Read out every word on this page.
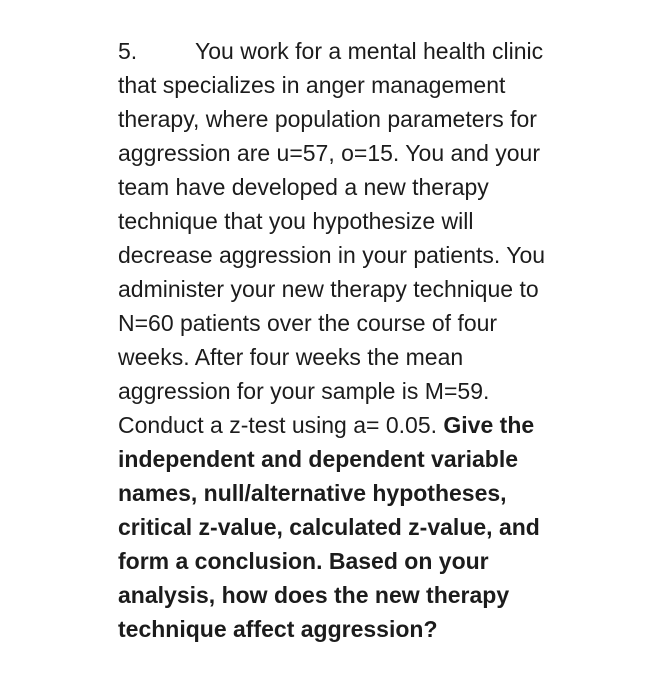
5.	You work for a mental health clinic

that specializes in anger management

therapy, where population parameters for

aggression are u=57, o=15. You and your

team have developed a new therapy

technique that you hypothesize will

decrease aggression in your patients. You

administer your new therapy technique to

N=60 patients over the course of four

weeks. After four weeks the mean

aggression for your sample is M=59.

Conduct a z-test using a= 0.05. Give the

independent and dependent variable

names, null/alternative hypotheses,

critical z-value, calculated z-value, and

form a conclusion. Based on your

analysis, how does the new therapy

technique affect aggression?
